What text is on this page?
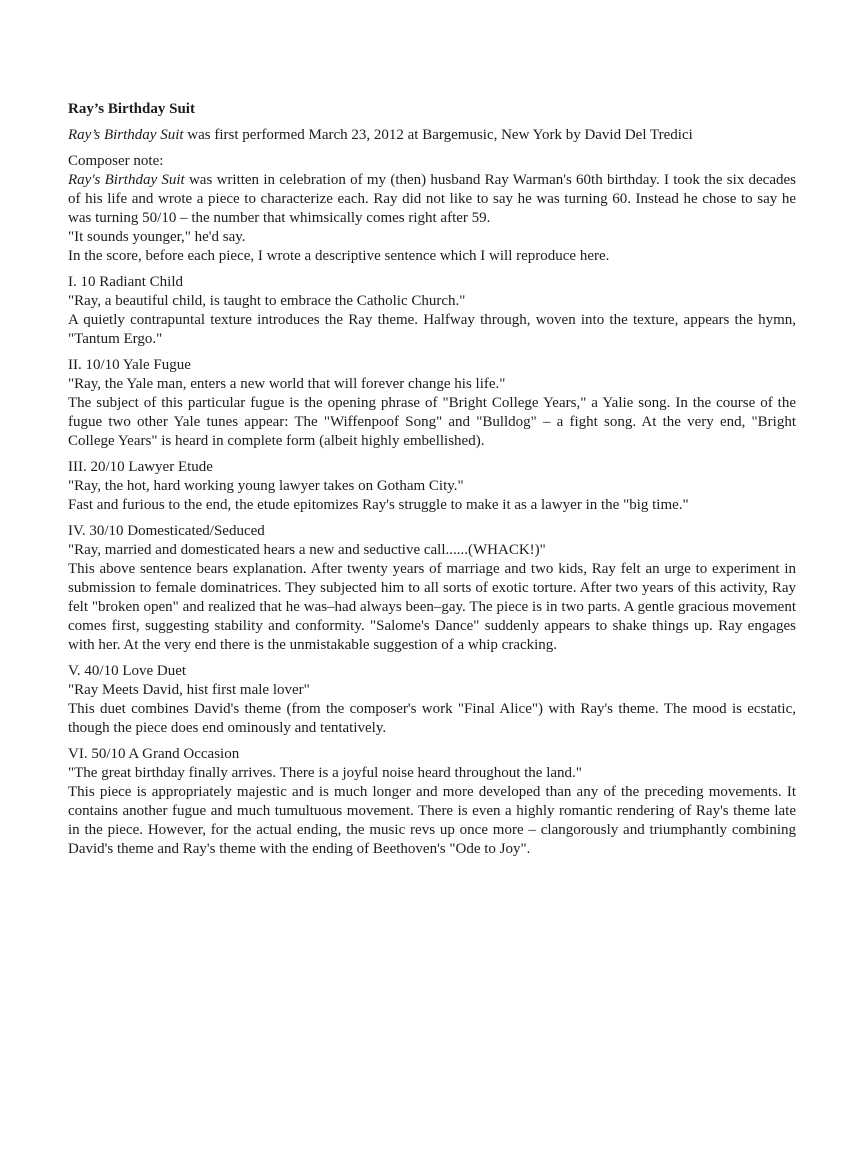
Ray’s Birthday Suit

Ray’s Birthday Suit was first performed March 23, 2012 at Bargemusic, New York by David Del Tredici

Composer note:

Ray's Birthday Suit was written in celebration of my (then) husband Ray Warman's 60th birthday. I took the six decades of his life and wrote a piece to characterize each. Ray did not like to say he was turning 60. Instead he chose to say he was turning 50/10 – the number that whimsically comes right after 59.

"It sounds younger," he'd say.
In the score, before each piece, I wrote a descriptive sentence which I will reproduce here.
I. 10 Radiant Child

"Ray, a beautiful child, is taught to embrace the Catholic Church."

A quietly contrapuntal texture introduces the Ray theme. Halfway through, woven into the texture, appears the hymn, "Tantum Ergo."

II. 10/10 Yale Fugue

"Ray, the Yale man, enters a new world that will forever change his life."

The subject of this particular fugue is the opening phrase of "Bright College Years," a Yalie song. In the course of the fugue two other Yale tunes appear: The "Wiffenpoof Song" and "Bulldog" – a fight song. At the very end, "Bright College Years" is heard in complete form (albeit highly embellished).

III. 20/10 Lawyer Etude

"Ray, the hot, hard working young lawyer takes on Gotham City."

Fast and furious to the end, the etude epitomizes Ray's struggle to make it as a lawyer in the "big time."

IV. 30/10 Domesticated/Seduced

"Ray, married and domesticated hears a new and seductive call......(WHACK!)"

This above sentence bears explanation. After twenty years of marriage and two kids, Ray felt an urge to experiment in submission to female dominatrices. They subjected him to all sorts of exotic torture. After two years of this activity, Ray felt "broken open" and realized that he was–had always been–gay. The piece is in two parts. A gentle gracious movement comes first, suggesting stability and conformity. "Salome's Dance" suddenly appears to shake things up. Ray engages with her. At the very end there is the unmistakable suggestion of a whip cracking.

V. 40/10 Love Duet

"Ray Meets David, hist first male lover"

This duet combines David's theme (from the composer's work "Final Alice") with Ray's theme. The mood is ecstatic, though the piece does end ominously and tentatively.

VI. 50/10 A Grand Occasion

"The great birthday finally arrives. There is a joyful noise heard throughout the land."

This piece is appropriately majestic and is much longer and more developed than any of the preceding movements. It contains another fugue and much tumultuous movement. There is even a highly romantic rendering of Ray's theme late in the piece. However, for the actual ending, the music revs up once more – clangorously and triumphantly combining David's theme and Ray's theme with the ending of Beethoven's "Ode to Joy".
